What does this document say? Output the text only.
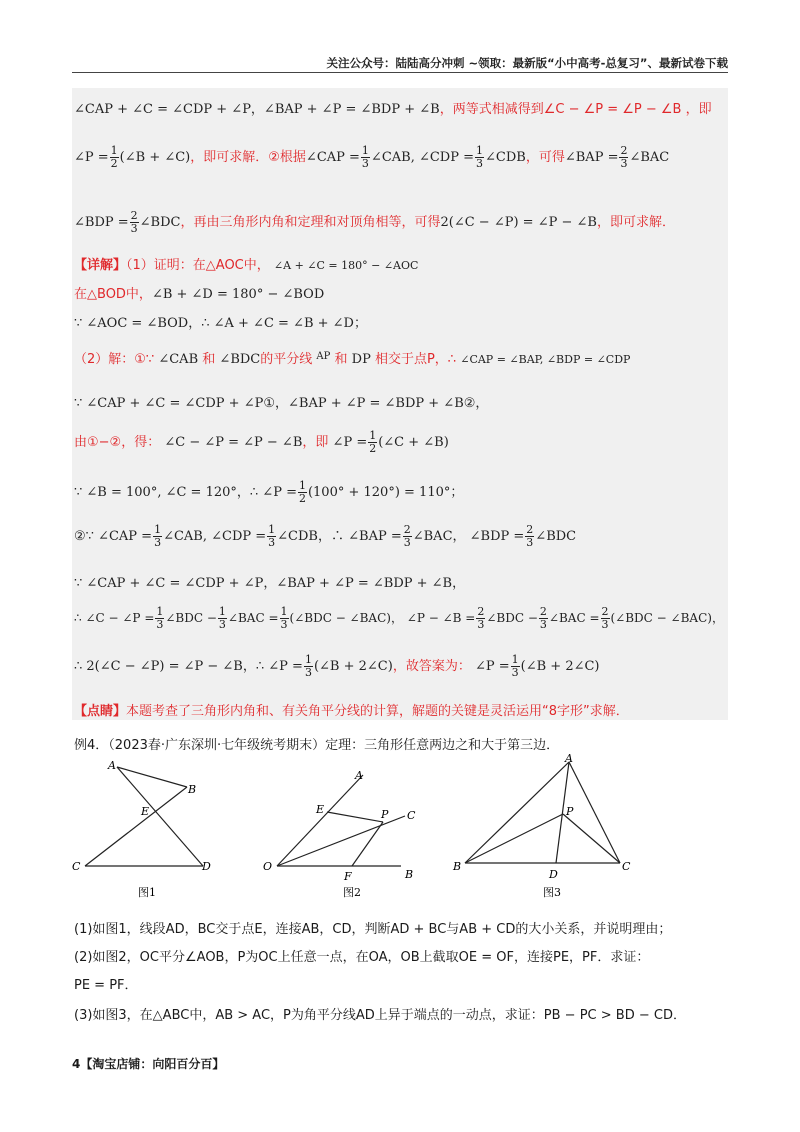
关注公众号：陆陆高分冲刺 ~领取：最新版“小中高考-总复习”、最新试卷下载
∠CAP + ∠C = ∠CDP + ∠P，∠BAP + ∠P = ∠BDP + ∠B，两等式相减得到∠C − ∠P = ∠P − ∠B ，即
∠P = $\frac{1}{2}$ (∠B + ∠C)，即可求解．②根据∠CAP = $\frac{1}{3}$ ∠CAB, ∠CDP = $\frac{1}{3}$ ∠CDB，可得∠BAP = $\frac{2}{3}$ ∠BAC
∠BDP = $\frac{2}{3}$ ∠BDC，再由三角形内角和定理和对顶角相等，可得2(∠C − ∠P) = ∠P − ∠B，即可求解．
【详解】（1）证明：在△AOC中， ∠A + ∠C = 180° − ∠AOC
在△BOD中，∠B + ∠D = 180° − ∠BOD
∵ ∠AOC = ∠BOD，∴ ∠A + ∠C = ∠B + ∠D；
（2）解：①∵ ∠CAB 和 ∠BDC的平分线 $^{AP}$ 和 DP 相交于点P，∴ ∠CAP = ∠BAP, ∠BDP = ∠CDP
∵ ∠CAP + ∠C = ∠CDP + ∠P①，∠BAP + ∠P = ∠BDP + ∠B②，
由①−②，得： ∠C − ∠P = ∠P − ∠B，即 ∠P = $\frac{1}{2}$ (∠C + ∠B)
∵ ∠B = 100°, ∠C = 120°，∴ ∠P = $\frac{1}{2} (100^\circ + 120^\circ) = 110^\circ$；
②∵ ∠CAP = $\frac{1}{3}$ ∠CAB, ∠CDP = $\frac{1}{3}$ ∠CDB，∴ ∠BAP = $\frac{2}{3}$ ∠BAC， ∠BDP = $\frac{2}{3}$ ∠BDC
∵ ∠CAP + ∠C = ∠CDP + ∠P，∠BAP + ∠P = ∠BDP + ∠B，
∴ ∠C − ∠P = $\frac{1}{3}$ ∠BDC − $\frac{1}{3}$ ∠BAC = $\frac{1}{3}$ (∠BDC − ∠BAC)， ∠P − ∠B = $\frac{2}{3}$ ∠BDC − $\frac{2}{3}$ ∠BAC = $\frac{2}{3}$ (∠BDC − ∠BAC)，
∴ 2(∠C − ∠P) = ∠P − ∠B，∴ ∠P = $\frac{1}{3}$ (∠B + 2∠C)，故答案为： ∠P = $\frac{1}{3}$ (∠B + 2∠C)
【点睛】本题考查了三角形内角和、有关角平分线的计算，解题的关键是灵活运用“8字形”求解．
例4．（2023春·广东深圳·七年级统考期末）定理：三角形任意两边之和大于第三边．
A
B
E
C	D
图1
A
E	P C
O
F	B
图2
A
P
B
D
C
图3
(1)如图1，线段AD，BC交于点E，连接AB，CD，判断AD + BC与AB + CD的大小关系，并说明理由；
(2)如图2，OC平分∠AOB，P为OC上任意一点，在OA，OB上截取OE = OF，连接PE，PF．求证：
PE = PF．
(3)如图3，在△ABC中，AB > AC，P为角平分线AD上异于端点的一动点，求证：PB − PC > BD − CD．
4【淘宝店铺：向阳百分百】
